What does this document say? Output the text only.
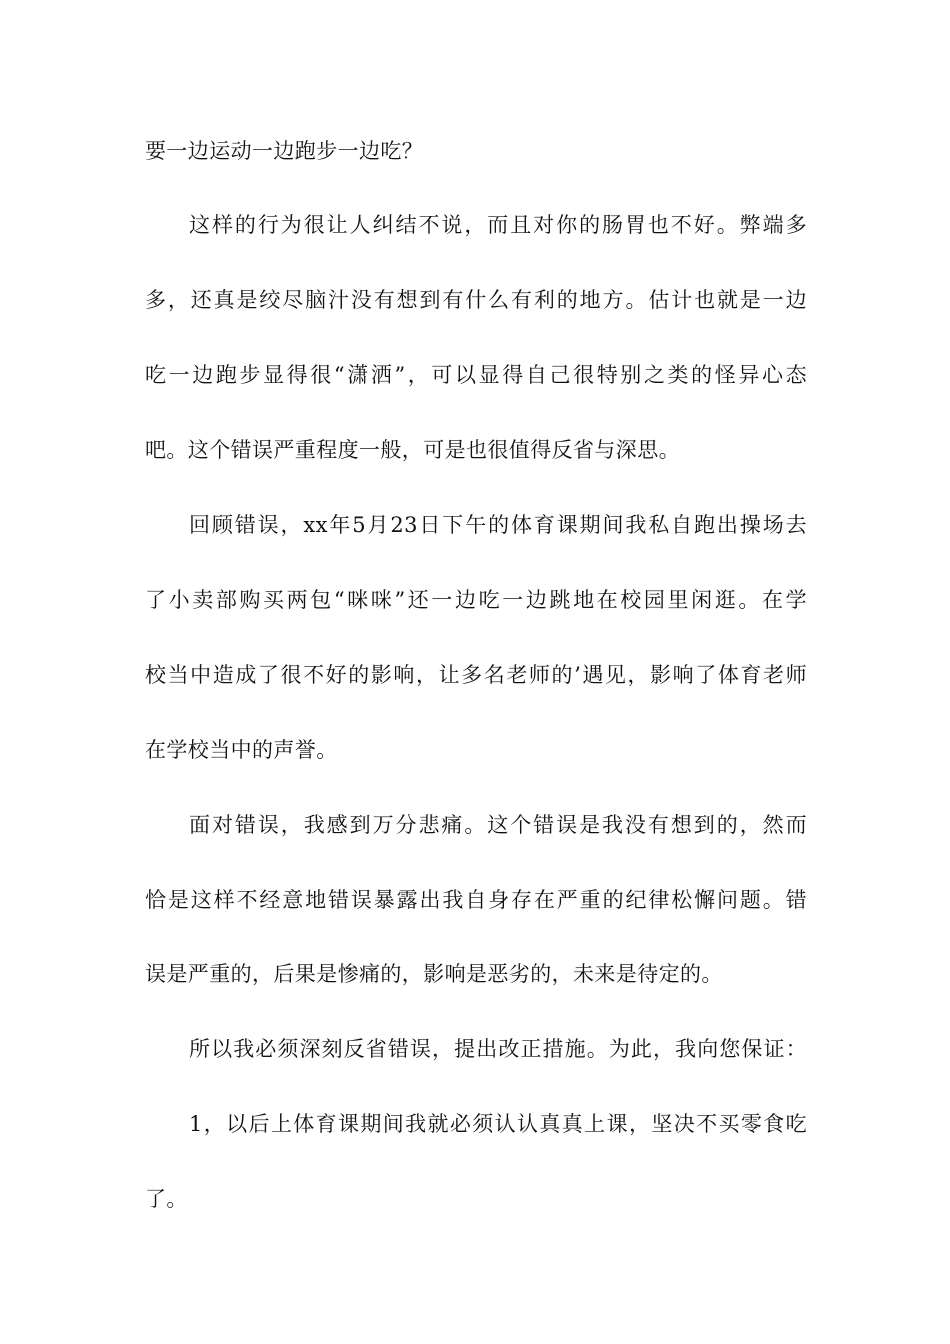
要一边运动一边跑步一边吃？

这样的行为很让人纠结不说，而且对你的肠胃也不好。弊端多

多，还真是绞尽脑汁没有想到有什么有利的地方。估计也就是一边

吃一边跑步显得很“潇洒”，可以显得自己很特别之类的怪异心态

吧。这个错误严重程度一般，可是也很值得反省与深思。

回顾错误，xx年5月23日下午的体育课期间我私自跑出操场去

了小卖部购买两包“咪咪”还一边吃一边跳地在校园里闲逛。在学

校当中造成了很不好的影响，让多名老师的’遇见，影响了体育老师

在学校当中的声誉。

面对错误，我感到万分悲痛。这个错误是我没有想到的，然而

恰是这样不经意地错误暴露出我自身存在严重的纪律松懈问题。错

误是严重的，后果是惨痛的，影响是恶劣的，未来是待定的。

所以我必须深刻反省错误，提出改正措施。为此，我向您保证：

1，以后上体育课期间我就必须认认真真上课，坚决不买零食吃

了。
